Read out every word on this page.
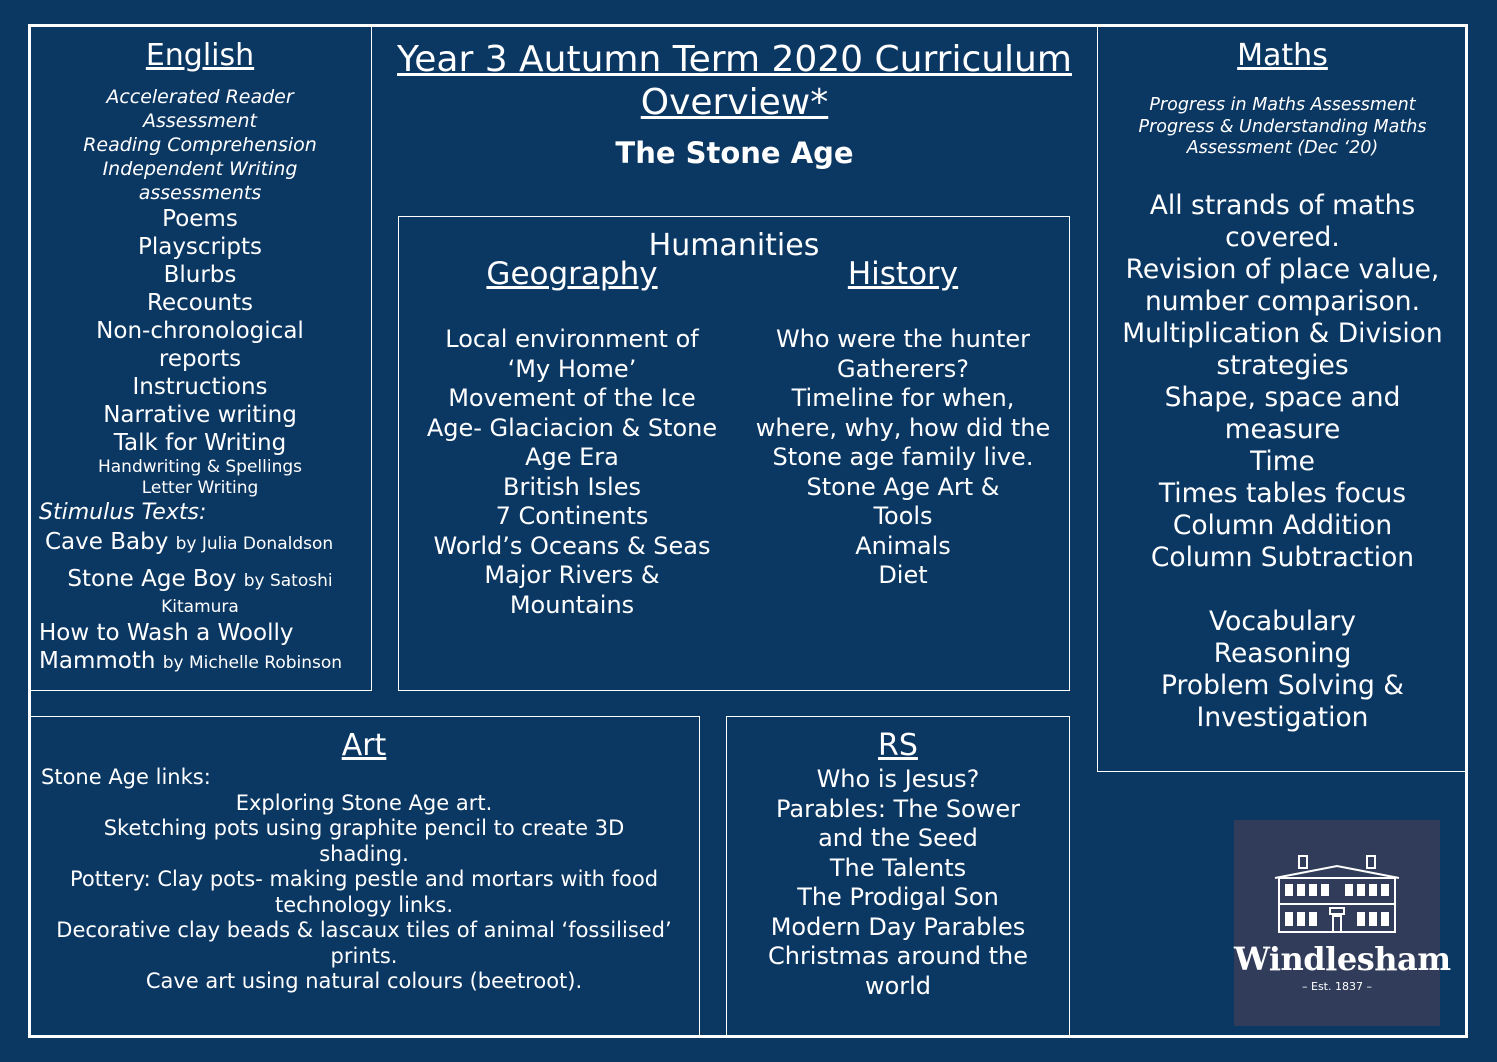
English
Accelerated Reader Assessment
Reading Comprehension
Independent Writing assessments
Poems
Playscripts
Blurbs
Recounts
Non-chronological reports
Instructions
Narrative writing
Talk for Writing
Handwriting & Spellings
Letter Writing
Stimulus Texts:
Cave Baby by Julia Donaldson
Stone Age Boy by Satoshi Kitamura
How to Wash a Woolly Mammoth by Michelle Robinson
Year 3 Autumn Term 2020 Curriculum Overview*
The Stone Age
Humanities
Geography
Local environment of
‘My Home’
Movement of the Ice
Age- Glaciacion & Stone
Age Era
British Isles
7 Continents
World’s Oceans & Seas
Major Rivers &
Mountains
History
Who were the hunter
Gatherers?
Timeline for when,
where, why, how did the
Stone age family live.
Stone Age Art &
Tools
Animals
Diet
Maths
Progress in Maths Assessment
Progress & Understanding Maths Assessment (Dec ‘20)
All strands of maths covered.
Revision of place value, number comparison.
Multiplication & Division strategies
Shape, space and measure
Time
Times tables focus
Column Addition
Column Subtraction
Vocabulary
Reasoning
Problem Solving & Investigation
Art
Stone Age links:
Exploring Stone Age art.
Sketching pots using graphite pencil to create 3D shading.
Pottery: Clay pots- making pestle and mortars with food technology links.
Decorative clay beads & lascaux tiles of animal ‘fossilised’ prints.
Cave art using natural colours (beetroot).
RS
Who is Jesus?
Parables: The Sower and the Seed
The Talents
The Prodigal Son
Modern Day Parables
Christmas around the world
Windlesham
– Est. 1837 –
